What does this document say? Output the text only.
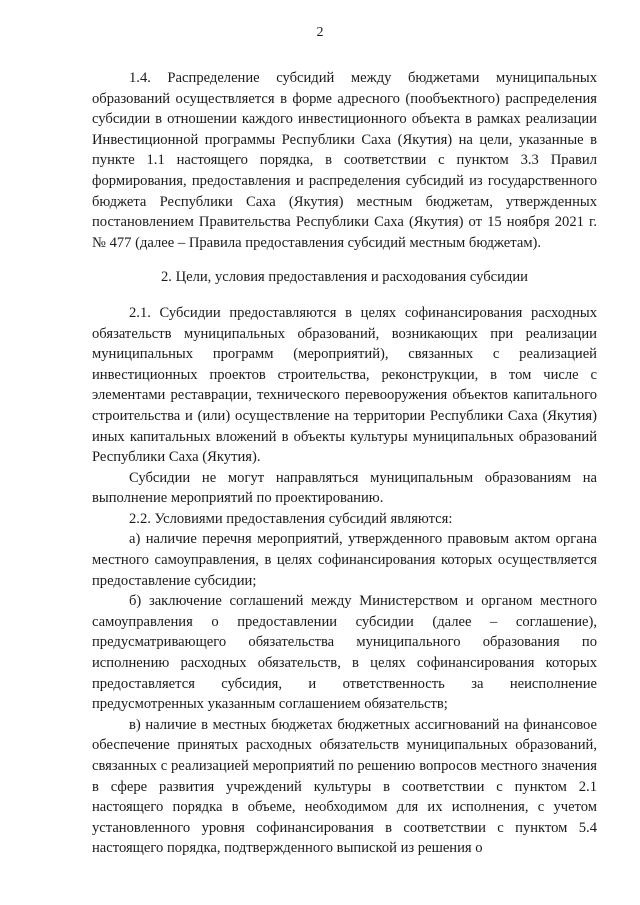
2

1.4. Распределение субсидий между бюджетами муниципальных образований осуществляется в форме адресного (пообъектного) распределения субсидии в отношении каждого инвестиционного объекта в рамках реализации Инвестиционной программы Республики Саха (Якутия) на цели, указанные в пункте 1.1 настоящего порядка, в соответствии с пунктом 3.3 Правил формирования, предоставления и распределения субсидий из государственного бюджета Республики Саха (Якутия) местным бюджетам, утвержденных постановлением Правительства Республики Саха (Якутия) от 15 ноября 2021 г. № 477 (далее – Правила предоставления субсидий местным бюджетам).

2. Цели, условия предоставления и расходования субсидии

2.1. Субсидии предоставляются в целях софинансирования расходных обязательств муниципальных образований, возникающих при реализации муниципальных программ (мероприятий), связанных с реализацией инвестиционных проектов строительства, реконструкции, в том числе с элементами реставрации, технического перевооружения объектов капитального строительства и (или) осуществление на территории Республики Саха (Якутия) иных капитальных вложений в объекты культуры муниципальных образований Республики Саха (Якутия).

Субсидии не могут направляться муниципальным образованиям на выполнение мероприятий по проектированию.

2.2. Условиями предоставления субсидий являются:

а) наличие перечня мероприятий, утвержденного правовым актом органа местного самоуправления, в целях софинансирования которых осуществляется предоставление субсидии;

б) заключение соглашений между Министерством и органом местного самоуправления о предоставлении субсидии (далее – соглашение), предусматривающего обязательства муниципального образования по исполнению расходных обязательств, в целях софинансирования которых предоставляется субсидия, и ответственность за неисполнение предусмотренных указанным соглашением обязательств;

в) наличие в местных бюджетах бюджетных ассигнований на финансовое обеспечение принятых расходных обязательств муниципальных образований, связанных с реализацией мероприятий по решению вопросов местного значения в сфере развития учреждений культуры в соответствии с пунктом 2.1 настоящего порядка в объеме, необходимом для их исполнения, с учетом установленного уровня софинансирования в соответствии с пунктом 5.4 настоящего порядка, подтвержденного выпиской из решения о
